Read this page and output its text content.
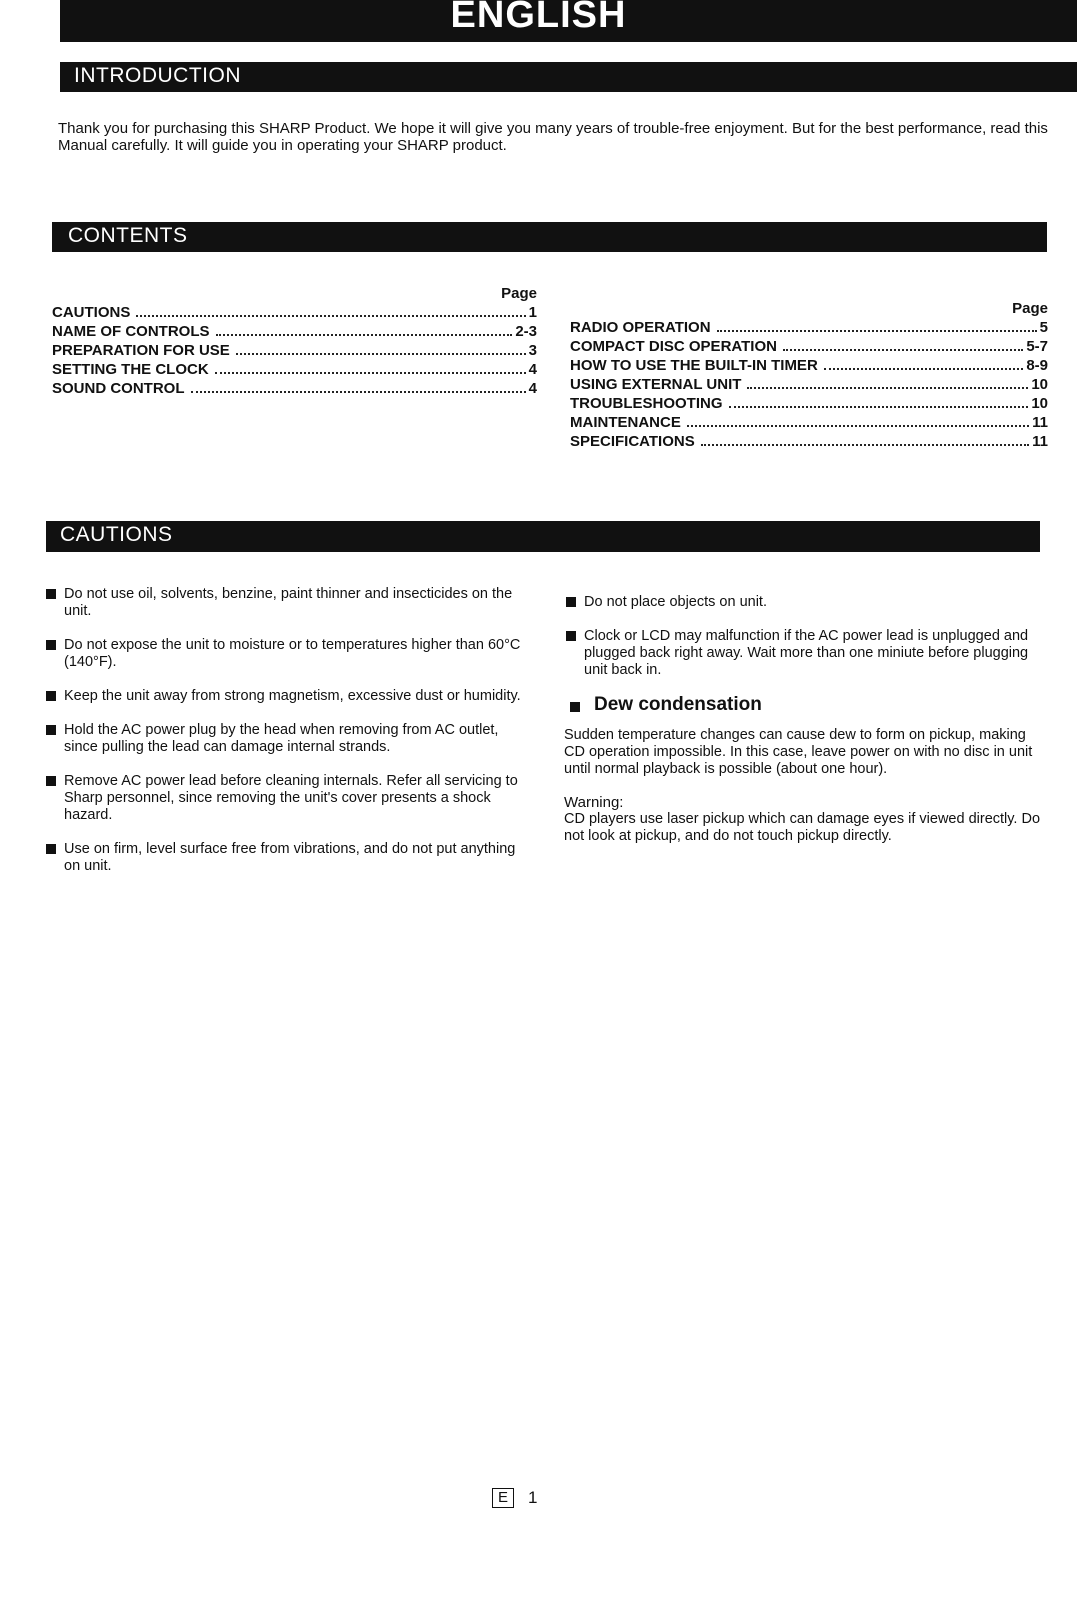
ENGLISH
INTRODUCTION
Thank you for purchasing this SHARP Product. We hope it will give you many years of trouble-free enjoyment. But for the best performance, read this Manual carefully. It will guide you in operating your SHARP product.
CONTENTS
Page
CAUTIONS	1
NAME OF CONTROLS	2-3
PREPARATION FOR USE	3
SETTING THE CLOCK	4
SOUND CONTROL	4
Page
RADIO OPERATION	5
COMPACT DISC OPERATION	5-7
HOW TO USE THE BUILT-IN TIMER	8-9
USING EXTERNAL UNIT	10
TROUBLESHOOTING	10
MAINTENANCE	11
SPECIFICATIONS	11
CAUTIONS
Do not use oil, solvents, benzine, paint thinner and insecticides on the unit.
Do not expose the unit to moisture or to temperatures higher than 60°C (140°F).
Keep the unit away from strong magnetism, excessive dust or humidity.
Hold the AC power plug by the head when removing from AC outlet, since pulling the lead can damage internal strands.
Remove AC power lead before cleaning internals. Refer all servicing to Sharp personnel, since removing the unit's cover presents a shock hazard.
Use on firm, level surface free from vibrations, and do not put anything on unit.
Do not place objects on unit.
Clock or LCD may malfunction if the AC power lead is unplugged and plugged back right away. Wait more than one miniute before plugging unit back in.
Dew condensation
Sudden temperature changes can cause dew to form on pickup, making CD operation impossible. In this case, leave power on with no disc in unit until normal playback is possible (about one hour).
Warning:
CD players use laser pickup which can damage eyes if viewed directly. Do not look at pickup, and do not touch pickup directly.
E	1
